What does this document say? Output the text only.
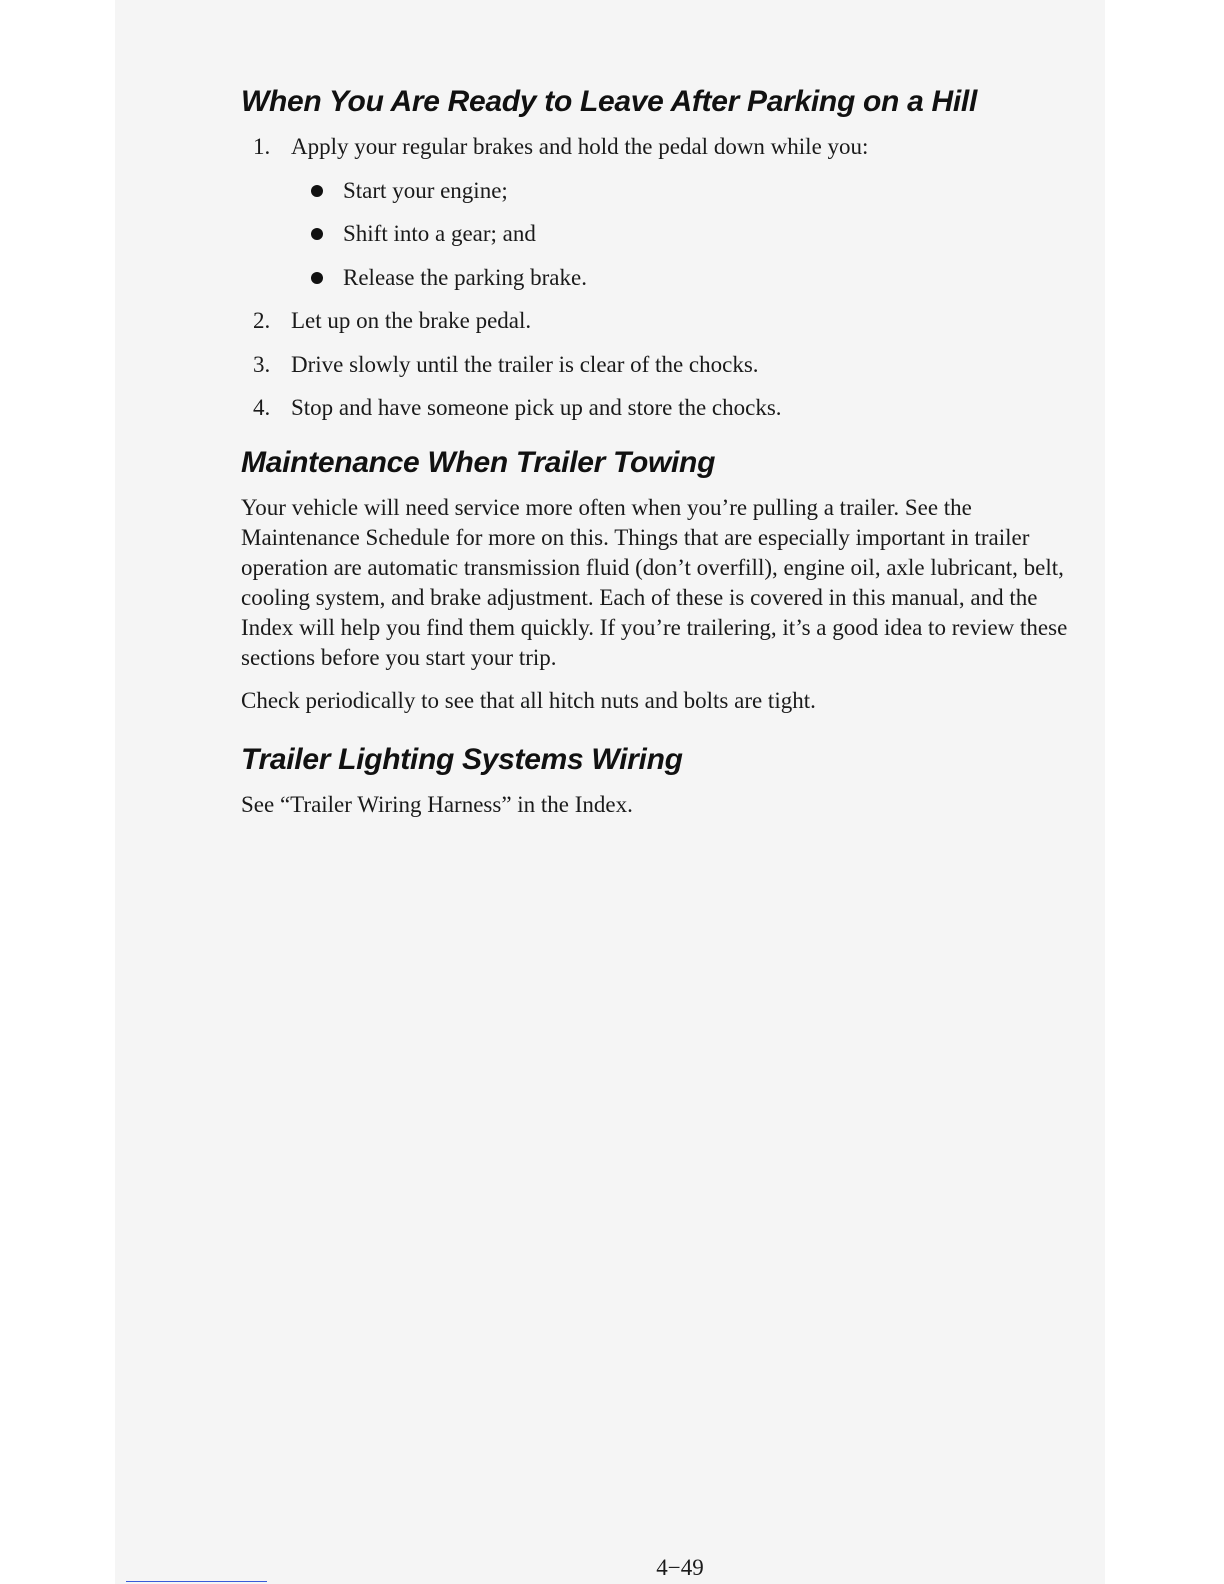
When You Are Ready to Leave After Parking on a Hill
1. Apply your regular brakes and hold the pedal down while you:
Start your engine;
Shift into a gear; and
Release the parking brake.
2. Let up on the brake pedal.
3. Drive slowly until the trailer is clear of the chocks.
4. Stop and have someone pick up and store the chocks.
Maintenance When Trailer Towing

Your vehicle will need service more often when you’re pulling a trailer. See the Maintenance Schedule for more on this. Things that are especially important in trailer operation are automatic transmission fluid (don’t overfill), engine oil, axle lubricant, belt, cooling system, and brake adjustment. Each of these is covered in this manual, and the Index will help you find them quickly. If you’re trailering, it’s a good idea to review these sections before you start your trip.

Check periodically to see that all hitch nuts and bolts are tight.

Trailer Lighting Systems Wiring

See “Trailer Wiring Harness” in the Index.

4−49
